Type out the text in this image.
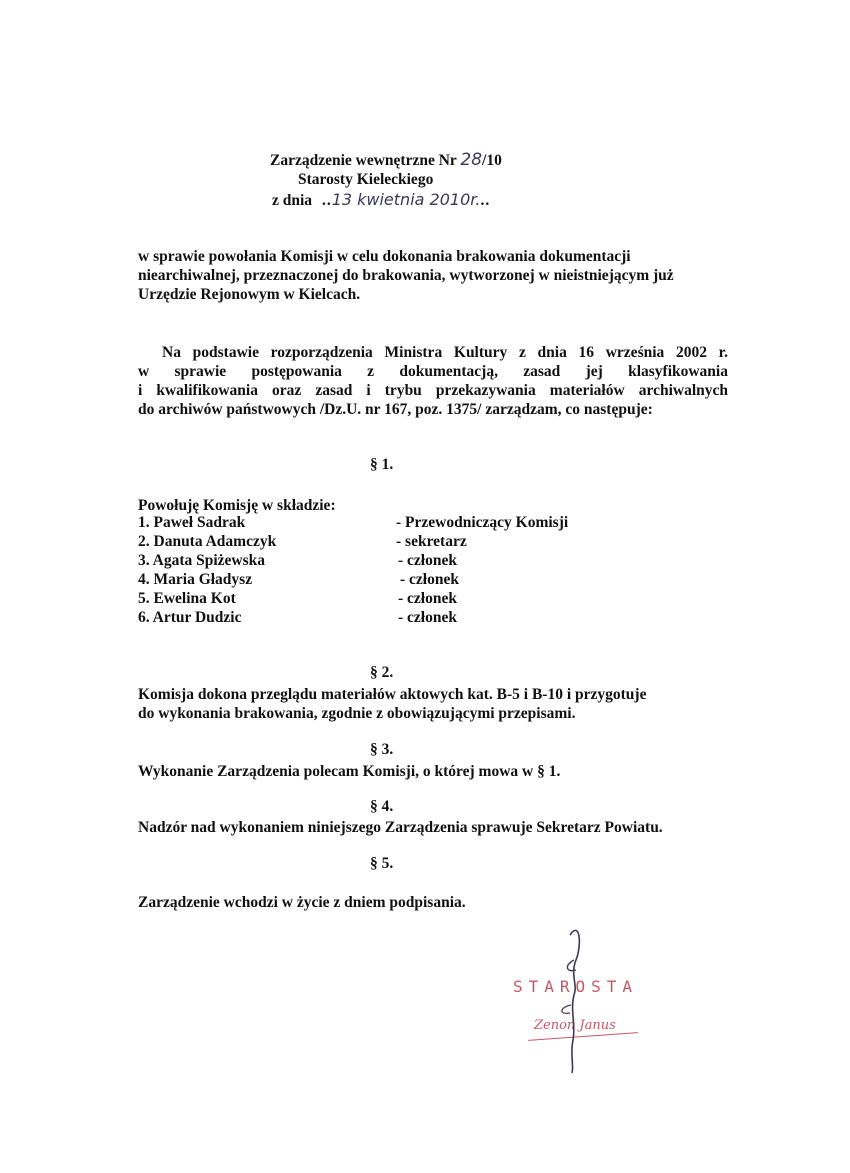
Zarządzenie wewnętrzne Nr 28/10
Starosty Kieleckiego
z dnia ..13 kwietnia 2010r...
w sprawie powołania Komisji w celu dokonania brakowania dokumentacji
niearchiwalnej, przeznaczonej do brakowania, wytworzonej w nieistniejącym już
Urzędzie Rejonowym w Kielcach.
Na podstawie rozporządzenia Ministra Kultury z dnia 16 września 2002 r.
w sprawie postępowania z dokumentacją, zasad jej klasyfikowania
i kwalifikowania oraz zasad i trybu przekazywania materiałów archiwalnych
do archiwów państwowych /Dz.U. nr 167, poz. 1375/ zarządzam, co następuje:
§ 1.
Powołuję Komisję w składzie:
1. Paweł Sadrak	- Przewodniczący Komisji
2. Danuta Adamczyk	- sekretarz
3. Agata Spiżewska	- członek
4. Maria Gładysz	- członek
5. Ewelina Kot	- członek
6. Artur Dudzic	- członek
§ 2.
Komisja dokona przeglądu materiałów aktowych kat. B-5 i B-10 i przygotuje
do wykonania brakowania, zgodnie z obowiązującymi przepisami.
§ 3.
Wykonanie Zarządzenia polecam Komisji, o której mowa w § 1.
§ 4.
Nadzór nad wykonaniem niniejszego Zarządzenia sprawuje Sekretarz Powiatu.
§ 5.
Zarządzenie wchodzi w życie z dniem podpisania.
STAROSTA
Zenon Janus
